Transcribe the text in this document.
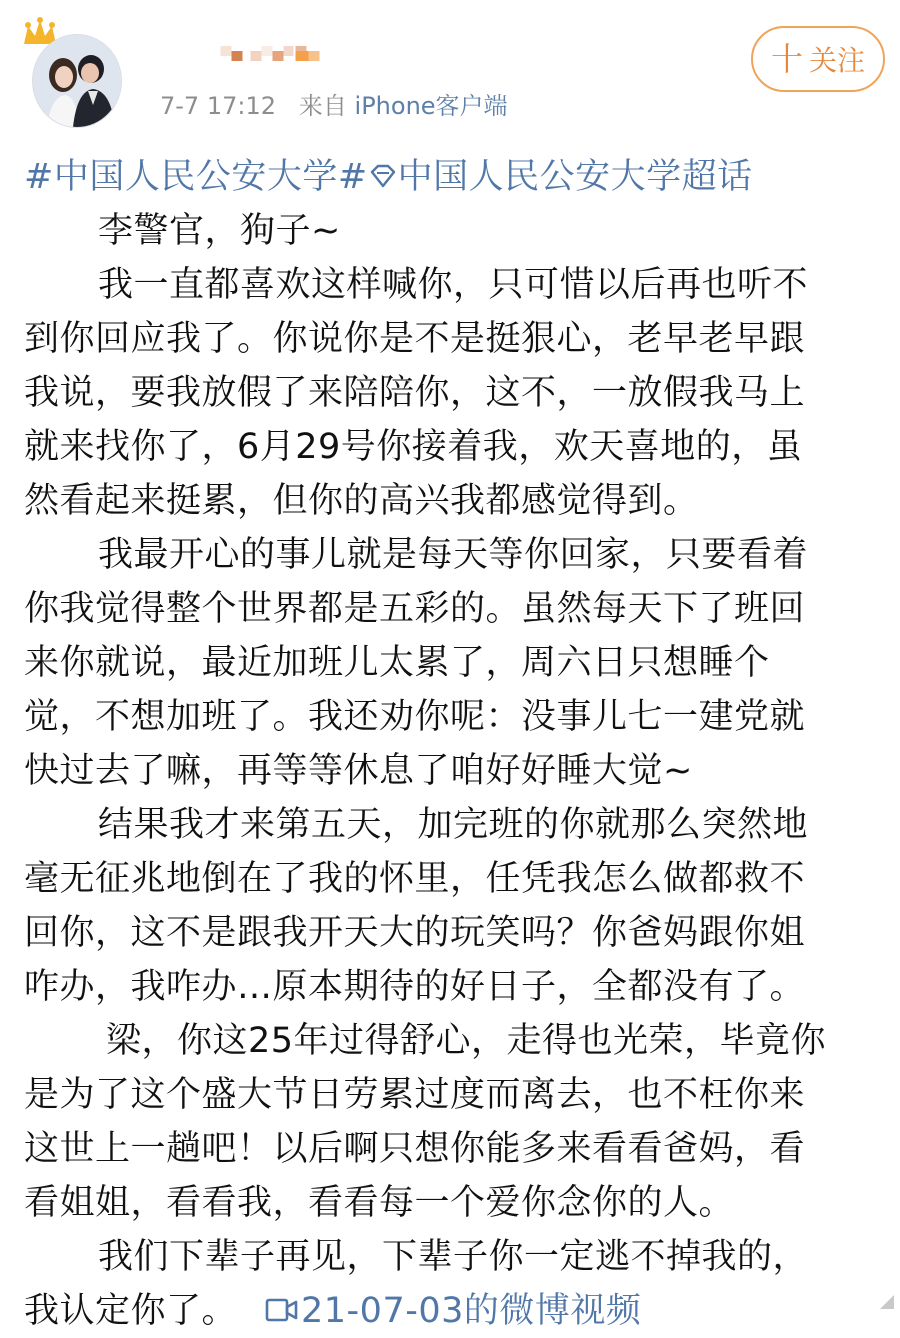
7-7 17:12 来自 iPhone客户端
十 关注
#中国人民公安大学# 中国人民公安大学超话
李警官，狗子~
我一直都喜欢这样喊你，只可惜以后再也听不
到你回应我了。你说你是不是挺狠心，老早老早跟
我说，要我放假了来陪陪你，这不，一放假我马上
就来找你了，6月29号你接着我，欢天喜地的，虽
然看起来挺累，但你的高兴我都感觉得到。
我最开心的事儿就是每天等你回家，只要看着
你我觉得整个世界都是五彩的。虽然每天下了班回
来你就说，最近加班儿太累了，周六日只想睡个
觉，不想加班了。我还劝你呢：没事儿七一建党就
快过去了嘛，再等等休息了咱好好睡大觉~
结果我才来第五天，加完班的你就那么突然地
毫无征兆地倒在了我的怀里，任凭我怎么做都救不
回你，这不是跟我开天大的玩笑吗？你爸妈跟你姐
咋办，我咋办…原本期待的好日子，全都没有了。
梁，你这25年过得舒心，走得也光荣，毕竟你
是为了这个盛大节日劳累过度而离去，也不枉你来
这世上一趟吧！以后啊只想你能多来看看爸妈，看
看姐姐，看看我，看看每一个爱你念你的人。
我们下辈子再见，下辈子你一定逃不掉我的，
我认定你了。 21-07-03的微博视频
